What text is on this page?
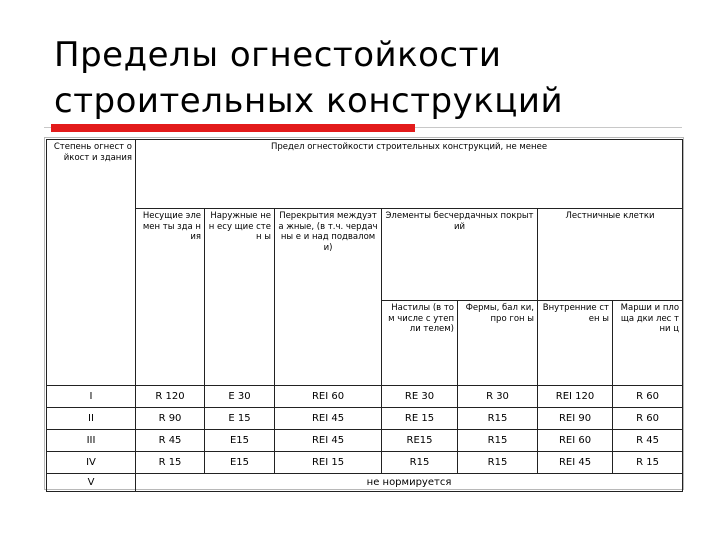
Пределы огнестойкости
строительных конструкций
Степень огнест ойкост и здания	Предел огнестойкости строительных конструкций, не менее						
	Несущие эле мен ты зда ния	Наружные нен есу щие стен ы	Перекрытия междуэта жные, (в т.ч. чердачны е и над подвалом и)	Элементы бесчердачных покрытий		Лестничные клетки	
				Настилы (в том числе с утепли телем)	Фермы, бал ки, про гон ы	Внутренние стен ы	Марши и пло ща дки лес тни ц
I	R 120	E 30	REI 60	RE 30	R 30	REI 120	R 60
II	R 90	E 15	REI 45	RE 15	R15	REI 90	R 60
III	R 45	E15	REI 45	RE15	R15	REI 60	R 45
IV	R 15	E15	REI 15	R15	R15	REI 45	R 15
V	не нормируется						
